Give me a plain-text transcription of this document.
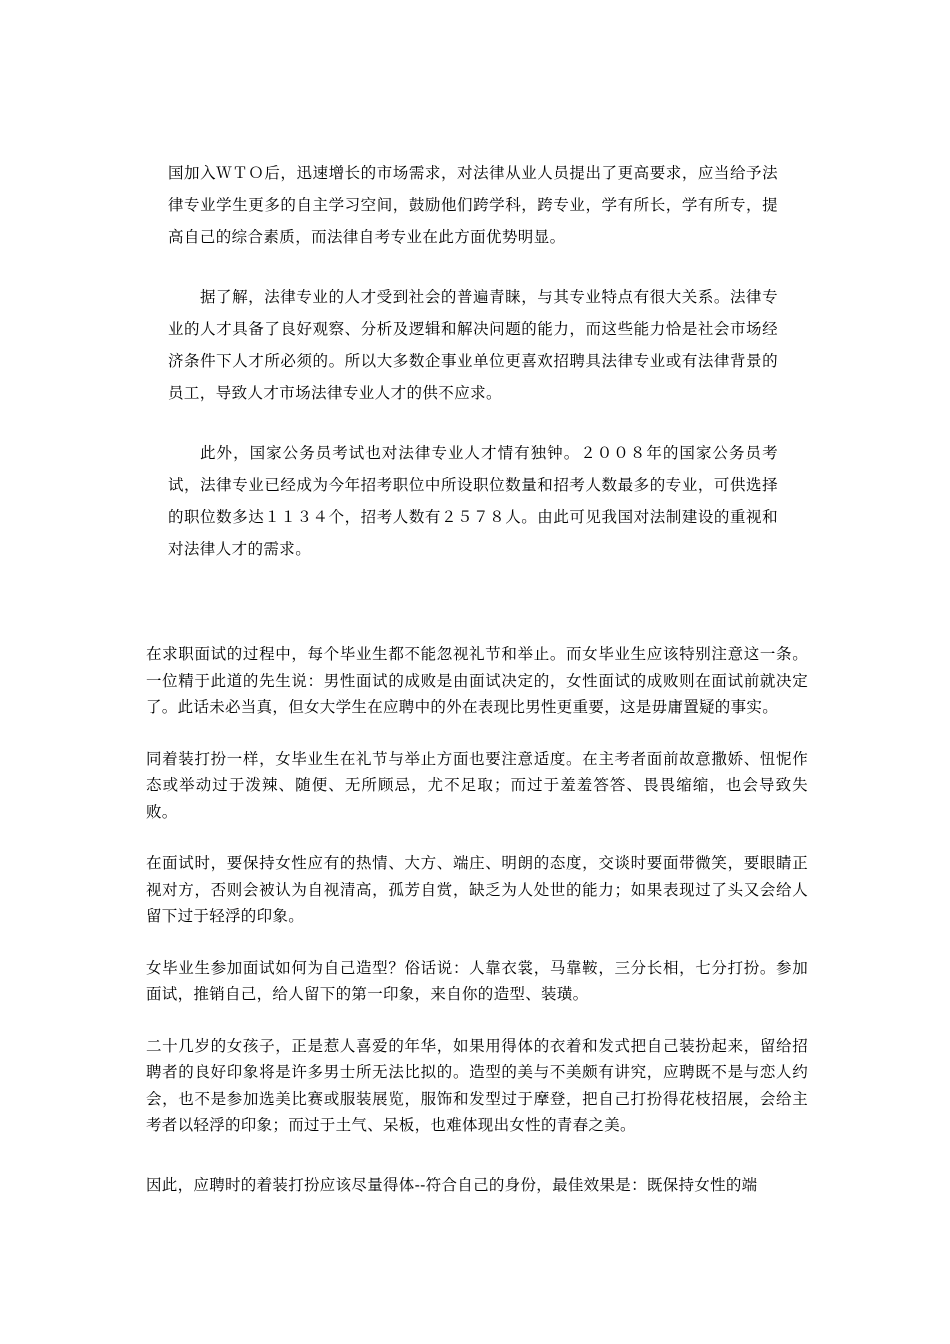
国加入ＷＴＯ后，迅速增长的市场需求，对法律从业人员提出了更高要求，应当给予法律专业学生更多的自主学习空间，鼓励他们跨学科，跨专业，学有所长，学有所专，提高自己的综合素质，而法律自考专业在此方面优势明显。

据了解，法律专业的人才受到社会的普遍青睐，与其专业特点有很大关系。法律专业的人才具备了良好观察、分析及逻辑和解决问题的能力，而这些能力恰是社会市场经济条件下人才所必须的。所以大多数企事业单位更喜欢招聘具法律专业或有法律背景的员工，导致人才市场法律专业人才的供不应求。

此外，国家公务员考试也对法律专业人才情有独钟。２００８年的国家公务员考试，法律专业已经成为今年招考职位中所设职位数量和招考人数最多的专业，可供选择的职位数多达１１３４个，招考人数有２５７８人。由此可见我国对法制建设的重视和对法律人才的需求。

在求职面试的过程中，每个毕业生都不能忽视礼节和举止。而女毕业生应该特别注意这一条。一位精于此道的先生说：男性面试的成败是由面试决定的，女性面试的成败则在面试前就决定了。此话未必当真，但女大学生在应聘中的外在表现比男性更重要，这是毋庸置疑的事实。

同着装打扮一样，女毕业生在礼节与举止方面也要注意适度。在主考者面前故意撒娇、忸怩作态或举动过于泼辣、随便、无所顾忌，尤不足取；而过于羞羞答答、畏畏缩缩，也会导致失败。

在面试时，要保持女性应有的热情、大方、端庄、明朗的态度，交谈时要面带微笑，要眼睛正视对方，否则会被认为自视清高，孤芳自赏，缺乏为人处世的能力；如果表现过了头又会给人留下过于轻浮的印象。

女毕业生参加面试如何为自己造型？俗话说：人靠衣裳，马靠鞍，三分长相，七分打扮。参加面试，推销自己，给人留下的第一印象，来自你的造型、装璜。

二十几岁的女孩子，正是惹人喜爱的年华，如果用得体的衣着和发式把自己装扮起来，留给招聘者的良好印象将是许多男士所无法比拟的。造型的美与不美颇有讲究，应聘既不是与恋人约会，也不是参加选美比赛或服装展览，服饰和发型过于摩登，把自己打扮得花枝招展，会给主考者以轻浮的印象；而过于土气、呆板，也难体现出女性的青春之美。

因此，应聘时的着装打扮应该尽量得体--符合自己的身份，最佳效果是：既保持女性的端
